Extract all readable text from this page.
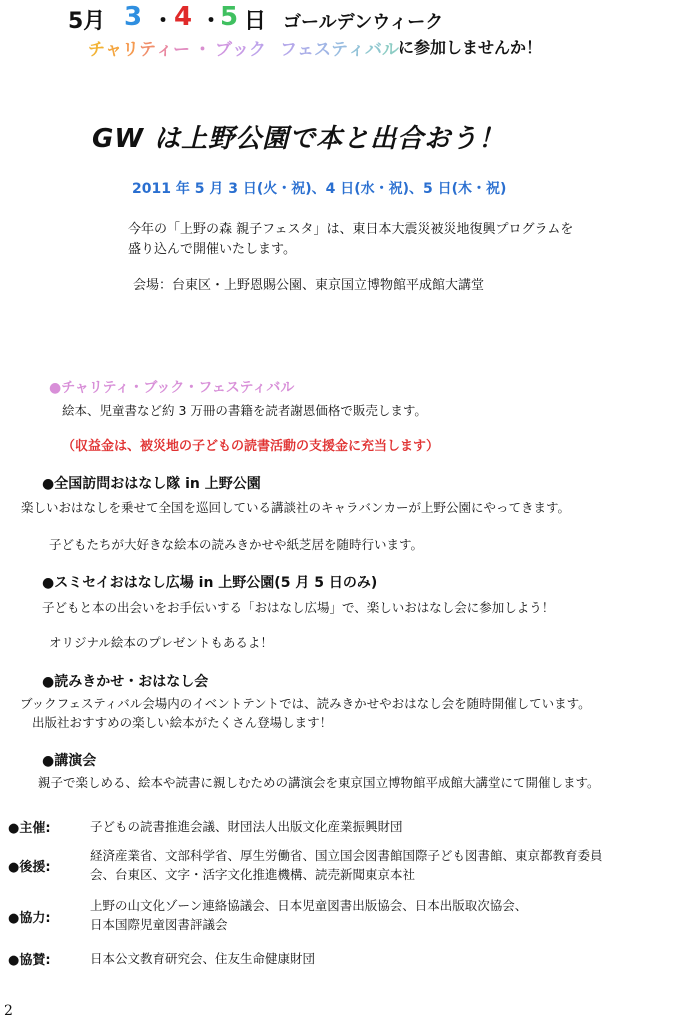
5月 3 ・ 4 ・
5 日 ゴールデンウィーク
チャリティー ・ ブック フェスティバル に参加しませんか！
GW は上野公園で本と出合おう！
2011 年 5 月 3 日(火・祝)、4 日(水・祝)、5 日(木・祝)
今年の「上野の森 親子フェスタ」は、東日本大震災被災地復興プログラムを
盛り込んで開催いたします。
会場：台東区・上野恩賜公園、東京国立博物館平成館大講堂
●チャリティ・ブック・フェスティバル
絵本、児童書など約 3 万冊の書籍を読者謝恩価格で販売します。
（収益金は、被災地の子どもの読書活動の支援金に充当します）
●全国訪問おはなし隊 in 上野公園
楽しいおはなしを乗せて全国を巡回している講談社のキャラバンカーが上野公園にやってきます。
子どもたちが大好きな絵本の読みきかせや紙芝居を随時行います。
●スミセイおはなし広場 in 上野公園(5 月 5 日のみ)
子どもと本の出会いをお手伝いする「おはなし広場」で、楽しいおはなし会に参加しよう！
オリジナル絵本のプレゼントもあるよ！
●読みきかせ・おはなし会
ブックフェスティバル会場内のイベントテントでは、読みきかせやおはなし会を随時開催しています。
出版社おすすめの楽しい絵本がたくさん登場します！
●講演会
親子で楽しめる、絵本や読書に親しむための講演会を東京国立博物館平成館大講堂にて開催します。
●主催:	子どもの読書推進会議、財団法人出版文化産業振興財団
●後援:
経済産業省、文部科学省、厚生労働省、国立国会図書館国際子ども図書館、東京都教育委員
会、台東区、文字・活字文化推進機構、読売新聞東京本社
●協力:
上野の山文化ゾーン連絡協議会、日本児童図書出版協会、日本出版取次協会、
日本国際児童図書評議会
●協賛:	日本公文教育研究会、住友生命健康財団
2
